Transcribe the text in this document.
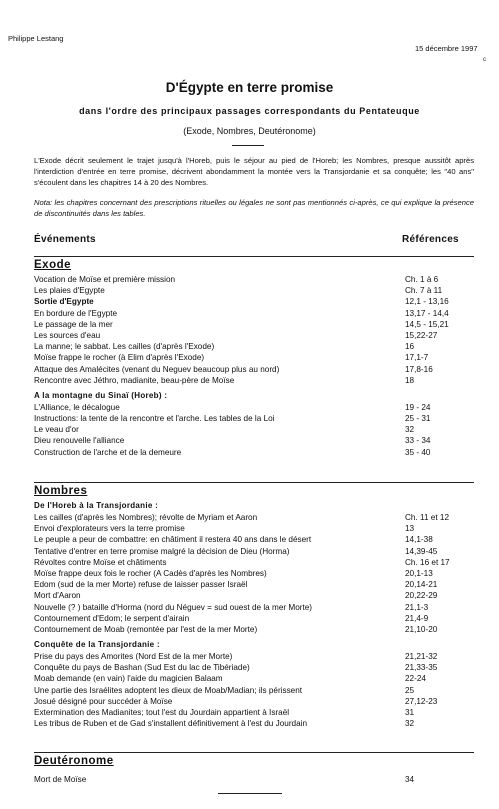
Philippe Lestang
15 décembre 1997
c
D'Égypte en terre promise
dans l'ordre des principaux passages correspondants du Pentateuque
(Exode, Nombres, Deutéronome)
L'Exode décrit seulement le trajet jusqu'à l'Horeb, puis le séjour au pied de l'Horeb; les Nombres, presque aussitôt après l'interdiction d'entrée en terre promise, décrivent abondamment la montée vers la Transjordanie et sa conquête; les "40 ans" s'écoulent dans les chapitres 14 à 20 des Nombres.
Nota: les chapitres concernant des prescriptions rituelles ou légales ne sont pas mentionnés ci-après, ce qui explique la présence de discontinuités dans les tables.
Événements	Références
Exode
Vocation de Moïse et première mission	Ch. 1 à 6
Les plaies d'Egypte	Ch. 7 à 11
Sortie d'Egypte	12,1 - 13,16
En bordure de l'Egypte	13,17 - 14,4
Le passage de la mer	14,5 - 15,21
Les sources d'eau	15,22-27
La manne; le sabbat. Les cailles (d'après l'Exode)	16
Moïse frappe le rocher (à Elim d'après l'Exode)	17,1-7
Attaque des Amalécites (venant du Neguev beaucoup plus au nord)	17,8-16
Rencontre avec Jéthro, madianite, beau-père de Moïse	18
A la montagne du Sinaï (Horeb) :
L'Alliance, le décalogue	19 - 24
Instructions: la tente de la rencontre et l'arche. Les tables de la Loi	25 - 31
Le veau d'or	32
Dieu renouvelle l'alliance	33 - 34
Construction de l'arche et de la demeure	35 - 40
Nombres
De l'Horeb à la Transjordanie :
Les cailles (d'après les Nombres); révolte de Myriam et Aaron	Ch. 11 et 12
Envoi d'explorateurs vers la terre promise	13
Le peuple a peur de combattre: en châtiment il restera 40 ans dans le désert	14,1-38
Tentative d'entrer en terre promise malgré la décision de Dieu (Horma)	14,39-45
Révoltes contre Moïse et châtiments	Ch. 16 et 17
Moïse frappe deux fois le rocher (A Cadès d'après les Nombres)	20,1-13
Edom (sud de la mer Morte) refuse de laisser passer Israël	20,14-21
Mort d'Aaron	20,22-29
Nouvelle (? ) bataille d'Horma (nord du Néguev = sud ouest de la mer Morte)	21,1-3
Contournement d'Edom; le serpent d'airain	21,4-9
Contournement de Moab (remontée par l'est de la mer Morte)	21,10-20
Conquête de la Transjordanie :
Prise du pays des Amorites (Nord Est de la mer Morte)	21,21-32
Conquête du pays de Bashan (Sud Est du lac de Tibériade)	21,33-35
Moab demande (en vain) l'aide du magicien Balaam	22-24
Une partie des Israélites adoptent les dieux de Moab/Madian; ils périssent	25
Josué désigné pour succéder à Moïse	27,12-23
Extermination des Madianites; tout l'est du Jourdain appartient à Israël	31
Les tribus de Ruben et de Gad s'installent définitivement à l'est du Jourdain	32
Deutéronome
Mort de Moïse	34
